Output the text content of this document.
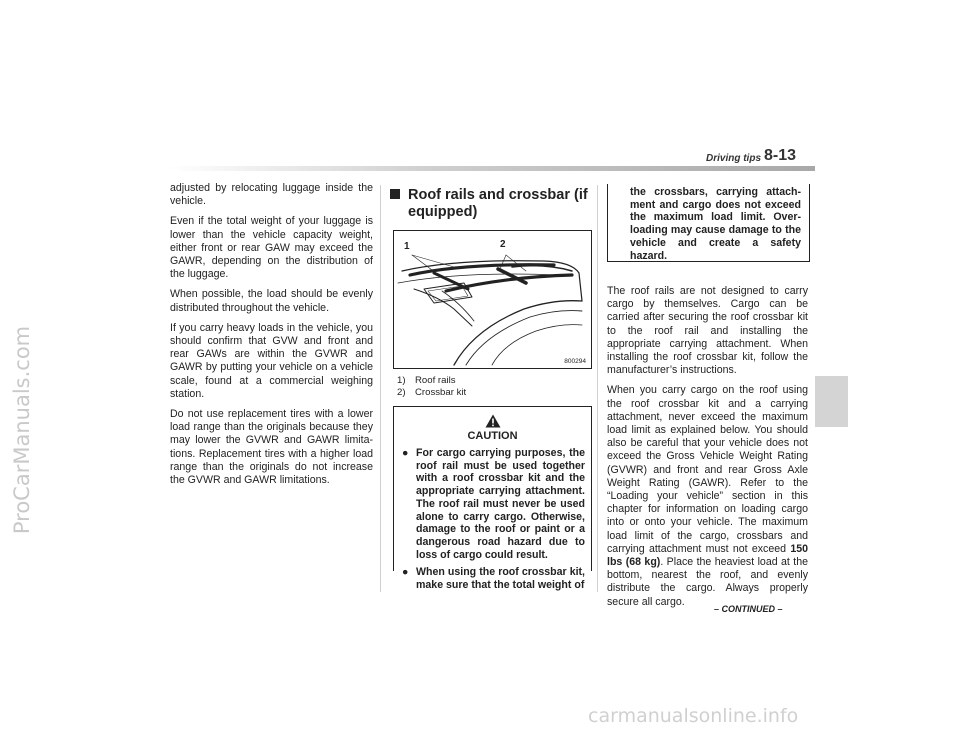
ProCarManuals.com
Driving tips 8-13

adjusted by relocating luggage inside the vehicle.

Even if the total weight of your luggage is lower than the vehicle capacity weight, either front or rear GAW may exceed the GAWR, depending on the distribution of the luggage.

When possible, the load should be evenly distributed throughout the vehicle.

If you carry heavy loads in the vehicle, you should confirm that GVW and front and rear GAWs are within the GVWR and GAWR by putting your vehicle on a vehicle scale, found at a commercial weighing station.

Do not use replacement tires with a lower load range than the originals because they may lower the GVWR and GAWR limita-tions. Replacement tires with a higher load range than the originals do not increase the GVWR and GAWR limitations.

Roof rails and crossbar (if
equipped)
1	2
800294
1) Roof rails
2) Crossbar kit
CAUTION
● For cargo carrying purposes, the roof rail must be used together with a roof crossbar kit and the appropriate carrying attachment. The roof rail must never be used alone to carry cargo. Otherwise, damage to the roof or paint or a dangerous road hazard due to loss of cargo could result.
● When using the roof crossbar kit, make sure that the total weight of
the crossbars, carrying attach-ment and cargo does not exceed the maximum load limit. Over-loading may cause damage to the vehicle and create a safety hazard.

The roof rails are not designed to carry cargo by themselves. Cargo can be carried after securing the roof crossbar kit to the roof rail and installing the appropriate carrying attachment. When installing the roof crossbar kit, follow the manufacturer’s instructions.

When you carry cargo on the roof using the roof crossbar kit and a carrying attachment, never exceed the maximum load limit as explained below. You should also be careful that your vehicle does not exceed the Gross Vehicle Weight Rating (GVWR) and front and rear Gross Axle Weight Rating (GAWR). Refer to the “Loading your vehicle” section in this chapter for information on loading cargo into or onto your vehicle. The maximum load limit of the cargo, crossbars and carrying attachment must not exceed 150 lbs (68 kg). Place the heaviest load at the bottom, nearest the roof, and evenly distribute the cargo. Always properly secure all cargo.

– CONTINUED –
carmanualsonline.info
